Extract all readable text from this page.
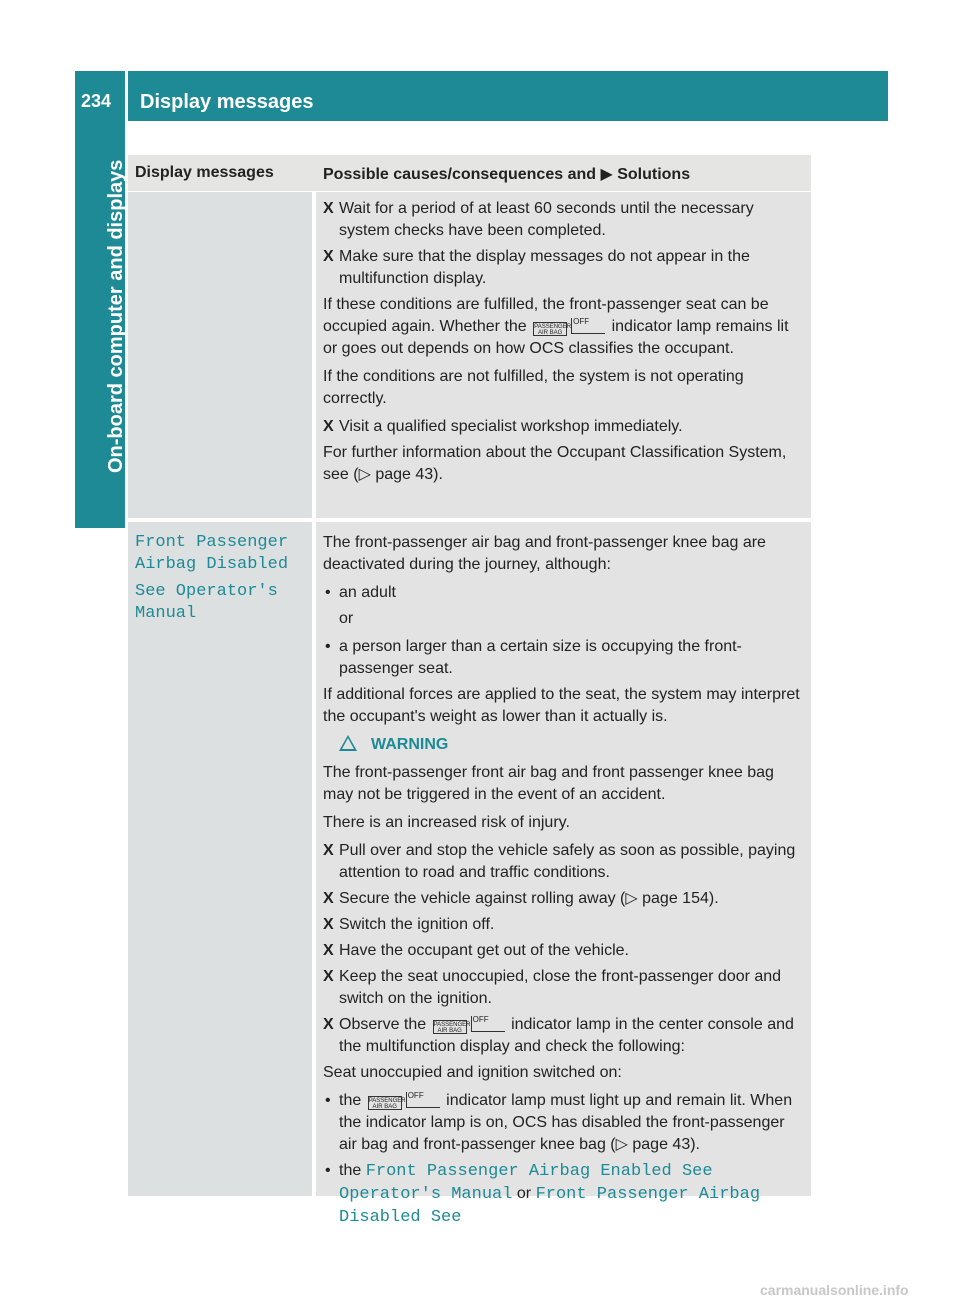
Display messages
234
On-board computer and displays Display messages	Possible causes/consequences and ▶ Solutions
X Wait for a period of at least 60 seconds until the necessary system checks have been completed.
X Make sure that the display messages do not appear in the multifunction display.

If these conditions are fulfilled, the front-passenger seat can be occupied again. Whether the PASSENGER
AIR BAG
OFF indicator lamp remains lit or goes out depends on how OCS classifies the occupant.

If the conditions are not fulfilled, the system is not operating correctly.

X Visit a qualified specialist workshop immediately.

For further information about the Occupant Classification System, see (▷ page 43).

Front Passenger Airbag Disabled
See Operator's Manual

The front-passenger air bag and front-passenger knee bag are deactivated during the journey, although:

• an adult

or

• a person larger than a certain size is occupying the front-passenger seat.

If additional forces are applied to the seat, the system may interpret the occupant's weight as lower than it actually is.

WARNING

The front-passenger front air bag and front passenger knee bag may not be triggered in the event of an accident.

There is an increased risk of injury.

X Pull over and stop the vehicle safely as soon as possible, paying attention to road and traffic conditions.
X Secure the vehicle against rolling away (▷ page 154).
X Switch the ignition off.
X Have the occupant get out of the vehicle.
X Keep the seat unoccupied, close the front-passenger door and switch on the ignition.
X Observe the PASSENGER
AIR BAG
OFF indicator lamp in the center console and the multifunction display and check the following:

Seat unoccupied and ignition switched on:

• the PASSENGER
AIR BAG
OFF indicator lamp must light up and remain lit. When the indicator lamp is on, OCS has disabled the front-passenger air bag and front-passenger knee bag (▷ page 43).
• the Front Passenger Airbag Enabled See Operator's Manual or Front Passenger Airbag Disabled See
carmanualsonline.info
